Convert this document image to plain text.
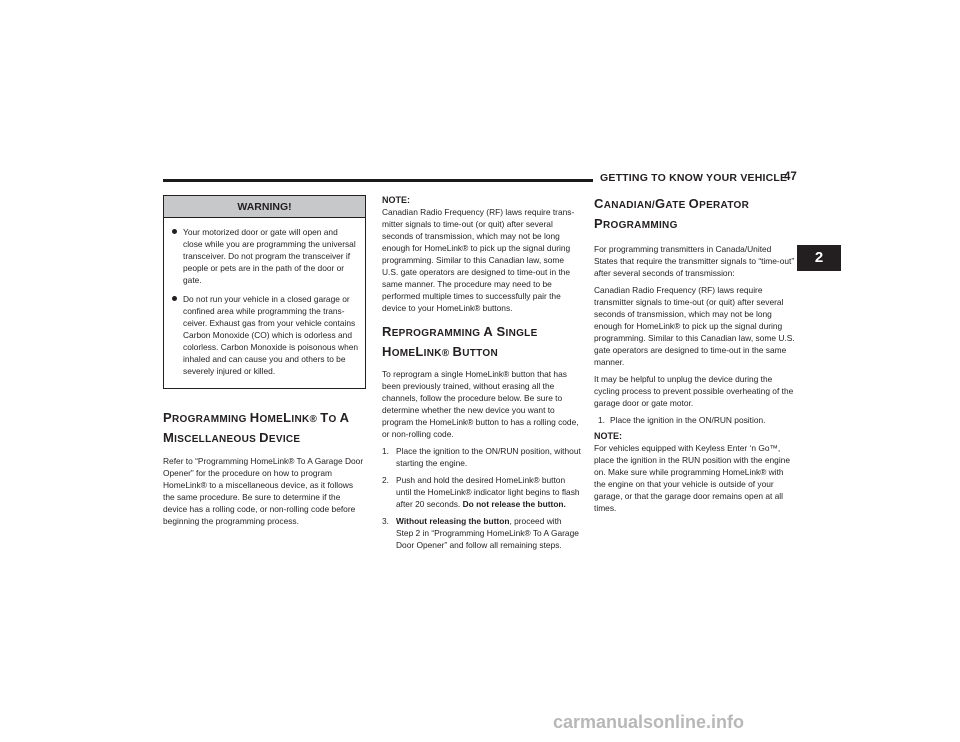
GETTING TO KNOW YOUR VEHICLE
47
2
WARNING!
Your motorized door or gate will open and close while you are programming the universal transceiver. Do not program the transceiver if people or pets are in the path of the door or gate.
Do not run your vehicle in a closed garage or confined area while programming the trans-ceiver. Exhaust gas from your vehicle contains Carbon Monoxide (CO) which is odorless and colorless. Carbon Monoxide is poisonous when inhaled and can cause you and others to be severely injured or killed.
PROGRAMMING HOMELINK® TO A
MISCELLANEOUS DEVICE

Refer to “Programming HomeLink® To A Garage Door Opener” for the procedure on how to program HomeLink® to a miscellaneous device, as it follows the same procedure. Be sure to determine if the device has a rolling code, or non-rolling code before beginning the programming process.

NOTE:

Canadian Radio Frequency (RF) laws require trans-mitter signals to time-out (or quit) after several seconds of transmission, which may not be long enough for HomeLink® to pick up the signal during programming. Similar to this Canadian law, some U.S. gate operators are designed to time-out in the same manner. The procedure may need to be performed multiple times to successfully pair the device to your HomeLink® buttons.

REPROGRAMMING A SINGLE
HOMELINK® BUTTON

To reprogram a single HomeLink® button that has been previously trained, without erasing all the channels, follow the procedure below. Be sure to determine whether the new device you want to program the HomeLink® button to has a rolling code, or non-rolling code.

1. Place the ignition to the ON/RUN position, without starting the engine.
2. Push and hold the desired HomeLink® button until the HomeLink® indicator light begins to flash after 20 seconds. Do not release the button.
3. Without releasing the button, proceed with Step 2 in “Programming HomeLink® To A Garage Door Opener” and follow all remaining steps.
CANADIAN/GATE OPERATOR
PROGRAMMING

For programming transmitters in Canada/United States that require the transmitter signals to “time-out” after several seconds of transmission:

Canadian Radio Frequency (RF) laws require transmitter signals to time-out (or quit) after several seconds of transmission, which may not be long enough for HomeLink® to pick up the signal during programming. Similar to this Canadian law, some U.S. gate operators are designed to time-out in the same manner.

It may be helpful to unplug the device during the cycling process to prevent possible overheating of the garage door or gate motor.

1. Place the ignition in the ON/RUN position.
NOTE:

For vehicles equipped with Keyless Enter ‘n Go™, place the ignition in the RUN position with the engine on. Make sure while programming HomeLink® with the engine on that your vehicle is outside of your garage, or that the garage door remains open at all times.

carmanualsonline.info
